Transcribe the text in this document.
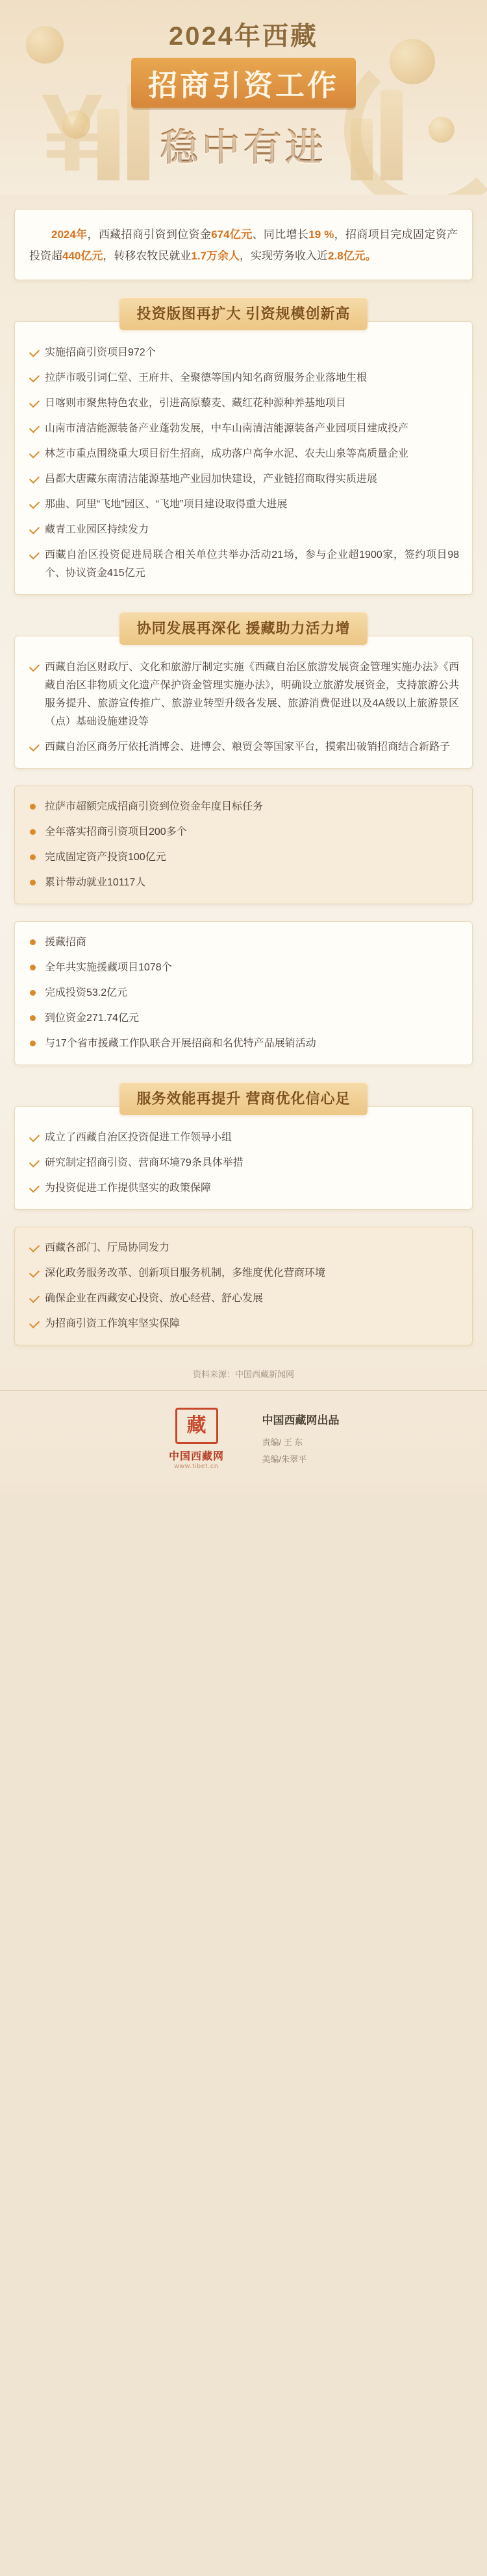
2024年西藏
招商引资工作
稳中有进

2024年，西藏招商引资到位资金674亿元、同比增长19 %，招商项目完成固定资产投资超440亿元，转移农牧民就业1.7万余人，实现劳务收入近2.8亿元。

投资版图再扩大 引资规模创新高
实施招商引资项目972个
拉萨市吸引词仁堂、王府井、全聚德等国内知名商贸服务企业落地生根
日喀则市聚焦特色农业，引进高原藜麦、藏红花种源种养基地项目
山南市清洁能源装备产业蓬勃发展，中车山南清洁能源装备产业园项目建成投产
林芝市重点围绕重大项目衍生招商，成功落户高争水泥、农夫山泉等高质量企业
昌都大唐藏东南清洁能源基地产业园加快建设，产业链招商取得实质进展
那曲、阿里“飞地”园区、“飞地”项目建设取得重大进展
藏青工业园区持续发力
西藏自治区投资促进局联合相关单位共举办活动21场，参与企业超1900家，签约项目98个、协议资金415亿元
协同发展再深化 援藏助力活力增
西藏自治区财政厅、文化和旅游厅制定实施《西藏自治区旅游发展资金管理实施办法》《西藏自治区非物质文化遗产保护资金管理实施办法》，明确设立旅游发展资金，支持旅游公共服务提升、旅游宣传推广、旅游业转型升级各发展、旅游消费促进以及4A级以上旅游景区（点）基础设施建设等
西藏自治区商务厅依托消博会、进博会、粮贸会等国家平台，摸索出破销招商结合新路子
拉萨市超额完成招商引资到位资金年度目标任务
全年落实招商引资项目200多个
完成固定资产投资100亿元
累计带动就业10117人
援藏招商
全年共实施援藏项目1078个
完成投资53.2亿元
到位资金271.74亿元
与17个省市援藏工作队联合开展招商和名优特产品展销活动
服务效能再提升 营商优化信心足
成立了西藏自治区投资促进工作领导小组
研究制定招商引资、营商环境79条具体举措
为投资促进工作提供坚实的政策保障
西藏各部门、厅局协同发力
深化政务服务改革、创新项目服务机制，多维度优化营商环境
确保企业在西藏安心投资、放心经营、舒心发展
为招商引资工作筑牢坚实保障
资料来源：中国西藏新闻网
藏
中国西藏网
www.tibet.cn
中国西藏网出品
责编/ 王 东
美编/朱翠平
